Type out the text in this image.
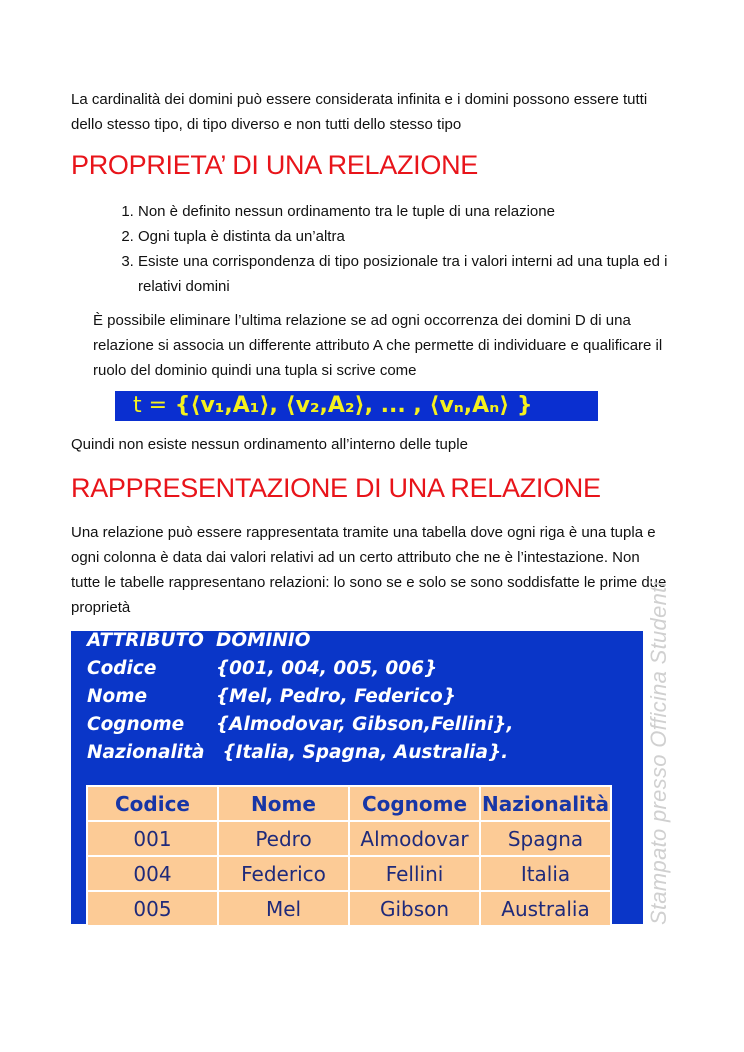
La cardinalità dei domini può essere considerata infinita e i domini possono essere tutti dello stesso tipo, di tipo diverso e non tutti dello stesso tipo
PROPRIETA’ DI UNA RELAZIONE
1. Non è definito nessun ordinamento tra le tuple di una relazione
2. Ogni tupla è distinta da un’altra
3. Esiste una corrispondenza di tipo posizionale tra i valori interni ad una tupla ed i relativi domini
È possibile eliminare l’ultima relazione se ad ogni occorrenza dei domini D di una relazione si associa un differente attributo A che permette di individuare e qualificare il ruolo del dominio quindi una tupla si scrive come
t = {⟨v₁,A₁⟩, ⟨v₂,A₂⟩, ... , ⟨vₙ,Aₙ⟩ }
Quindi non esiste nessun ordinamento all’interno delle tuple
RAPPRESENTAZIONE DI UNA RELAZIONE
Una relazione può essere rappresentata tramite una tabella dove ogni riga è una tupla e ogni colonna è data dai valori relativi ad un certo attributo che ne è l’intestazione. Non tutte le tabelle rappresentano relazioni: lo sono se e solo se sono soddisfatte le prime due proprietà
ATTRIBUTO DOMINIO
Codice	{001, 004, 005, 006}
Nome	{Mel, Pedro, Federico}
Cognome	{Almodovar, Gibson,Fellini},
Nazionalità {Italia, Spagna, Australia}.
Codice	Nome	Cognome	Nazionalità
001	Pedro	Almodovar	Spagna
004	Federico	Fellini	Italia
005	Mel	Gibson	Australia	Stampato presso Officina Studenti
